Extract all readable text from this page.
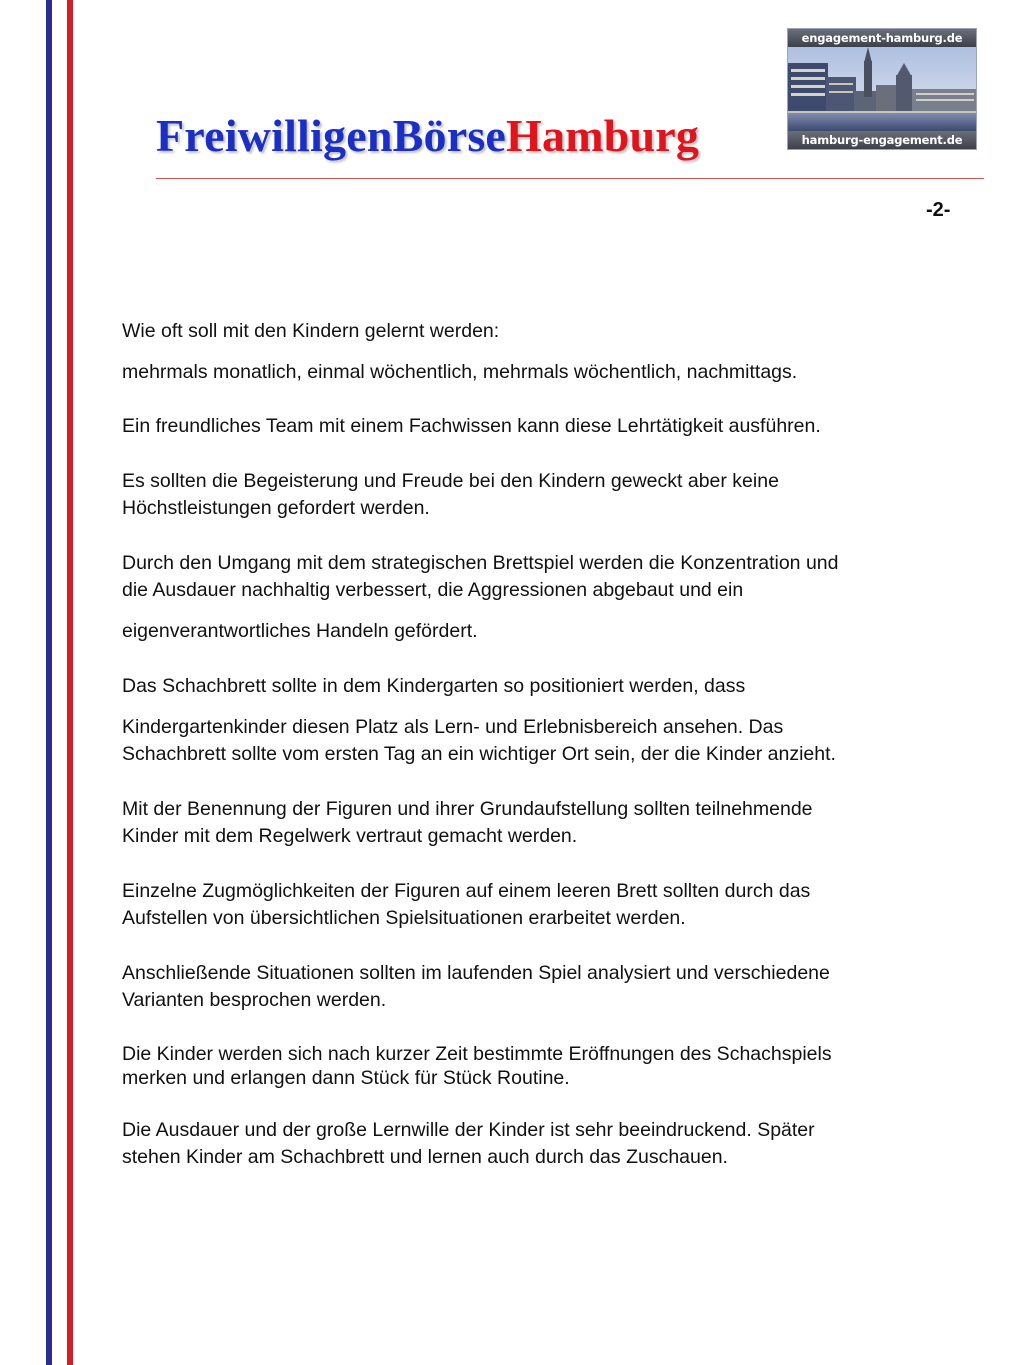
FreiwilligenBörseHamburg
engagement-hamburg.de
hamburg-engagement.de
-2-

Wie oft soll mit den Kindern gelernt werden:

mehrmals monatlich, einmal wöchentlich, mehrmals wöchentlich, nachmittags.

Ein freundliches Team mit einem Fachwissen kann diese Lehrtätigkeit ausführen.

Es sollten die Begeisterung und Freude bei den Kindern geweckt aber keine
Höchstleistungen gefordert werden.

Durch den Umgang mit dem strategischen Brettspiel werden die Konzentration und
die Ausdauer nachhaltig verbessert, die Aggressionen abgebaut und ein

eigenverantwortliches Handeln gefördert.

Das Schachbrett sollte in dem Kindergarten so positioniert werden, dass

Kindergartenkinder diesen Platz als Lern- und Erlebnisbereich ansehen. Das
Schachbrett sollte vom ersten Tag an ein wichtiger Ort sein, der die Kinder anzieht.

Mit der Benennung der Figuren und ihrer Grundaufstellung sollten teilnehmende
Kinder mit dem Regelwerk vertraut gemacht werden.

Einzelne Zugmöglichkeiten der Figuren auf einem leeren Brett sollten durch das
Aufstellen von übersichtlichen Spielsituationen erarbeitet werden.

Anschließende Situationen sollten im laufenden Spiel analysiert und verschiedene
Varianten besprochen werden.

Die Kinder werden sich nach kurzer Zeit bestimmte Eröffnungen des Schachspiels
merken und erlangen dann Stück für Stück Routine.

Die Ausdauer und der große Lernwille der Kinder ist sehr beeindruckend. Später
stehen Kinder am Schachbrett und lernen auch durch das Zuschauen.
